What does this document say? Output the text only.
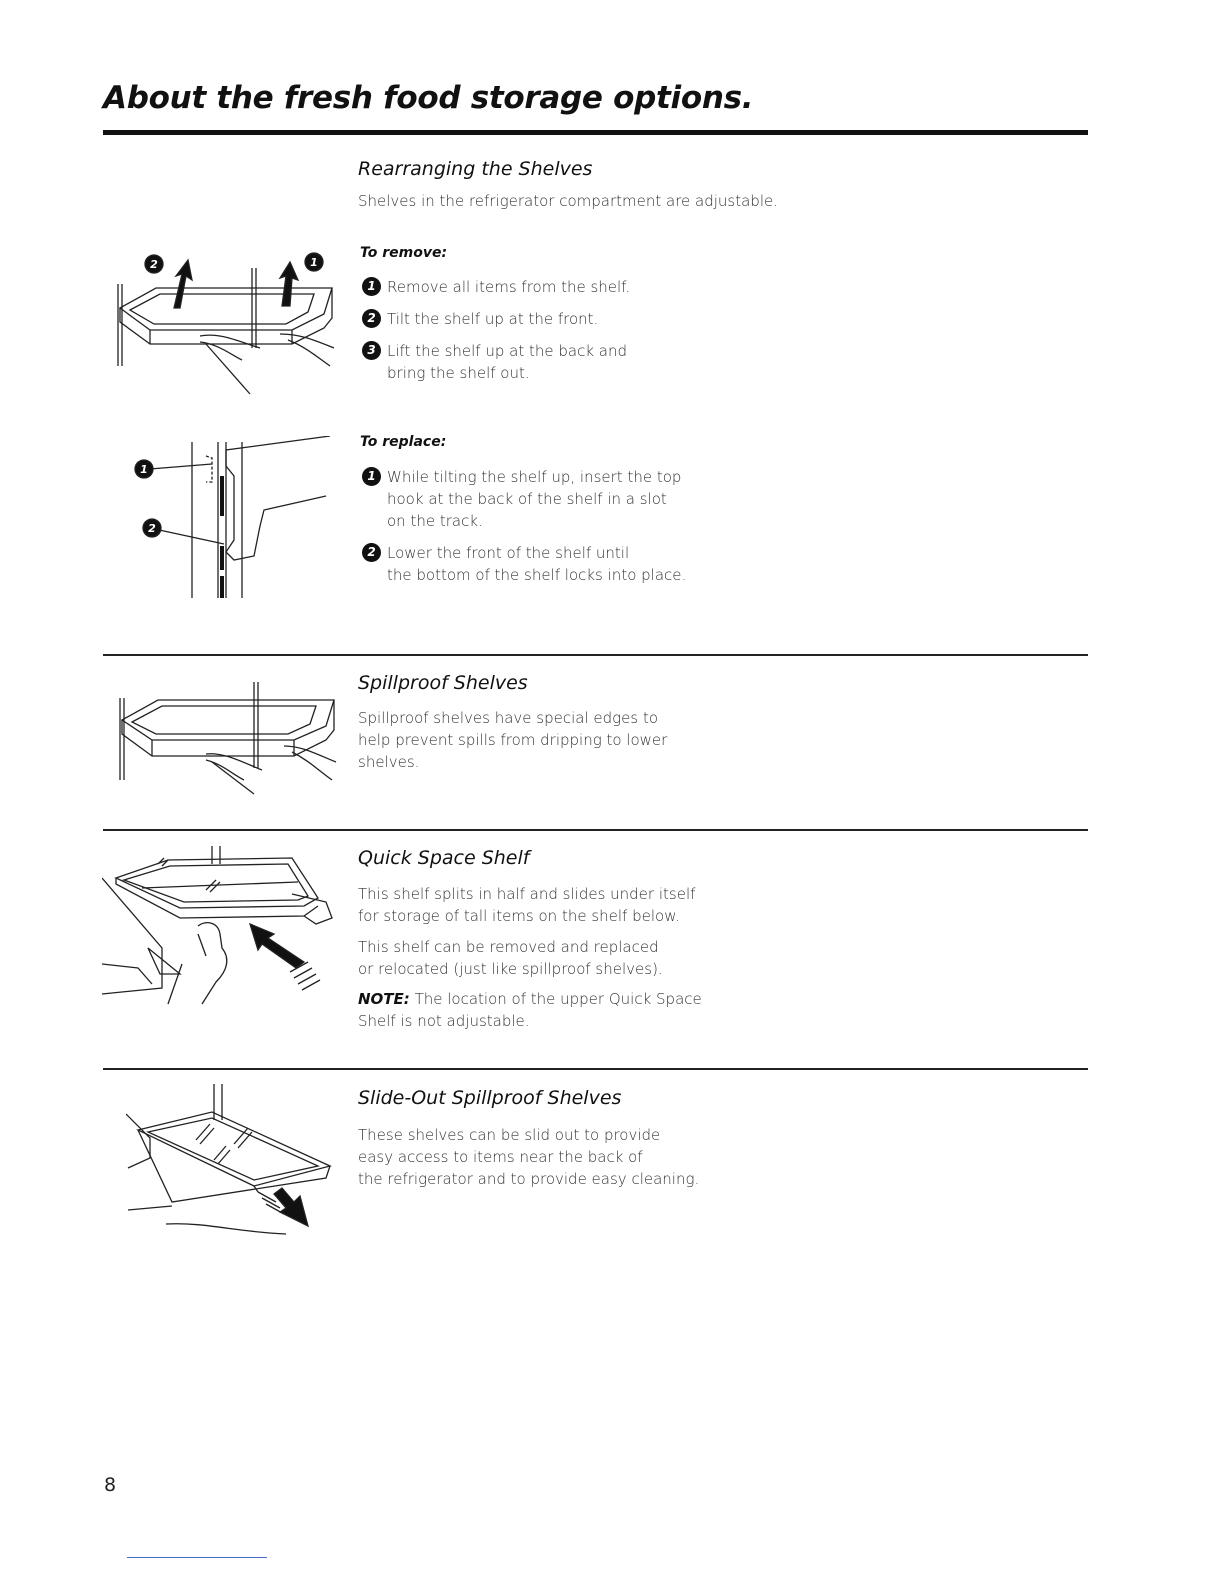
About the fresh food storage options.
Rearranging the Shelves

Shelves in the refrigerator compartment are adjustable.

2	1

To remove:

1 Remove all items from the shelf.
2 Tilt the shelf up at the front.
3 Lift the shelf up at the back and
bring the shelf out.
1
2

To replace:

1 While tilting the shelf up, insert the top
hook at the back of the shelf in a slot
on the track.
2 Lower the front of the shelf until
the bottom of the shelf locks into place.
Spillproof Shelves

Spillproof shelves have special edges to
help prevent spills from dripping to lower
shelves.

Quick Space Shelf

This shelf splits in half and slides under itself
for storage of tall items on the shelf below.

This shelf can be removed and replaced
or relocated (just like spillproof shelves).

NOTE: The location of the upper Quick Space
Shelf is not adjustable.

Slide-Out Spillproof Shelves

These shelves can be slid out to provide
easy access to items near the back of
the refrigerator and to provide easy cleaning.

8
